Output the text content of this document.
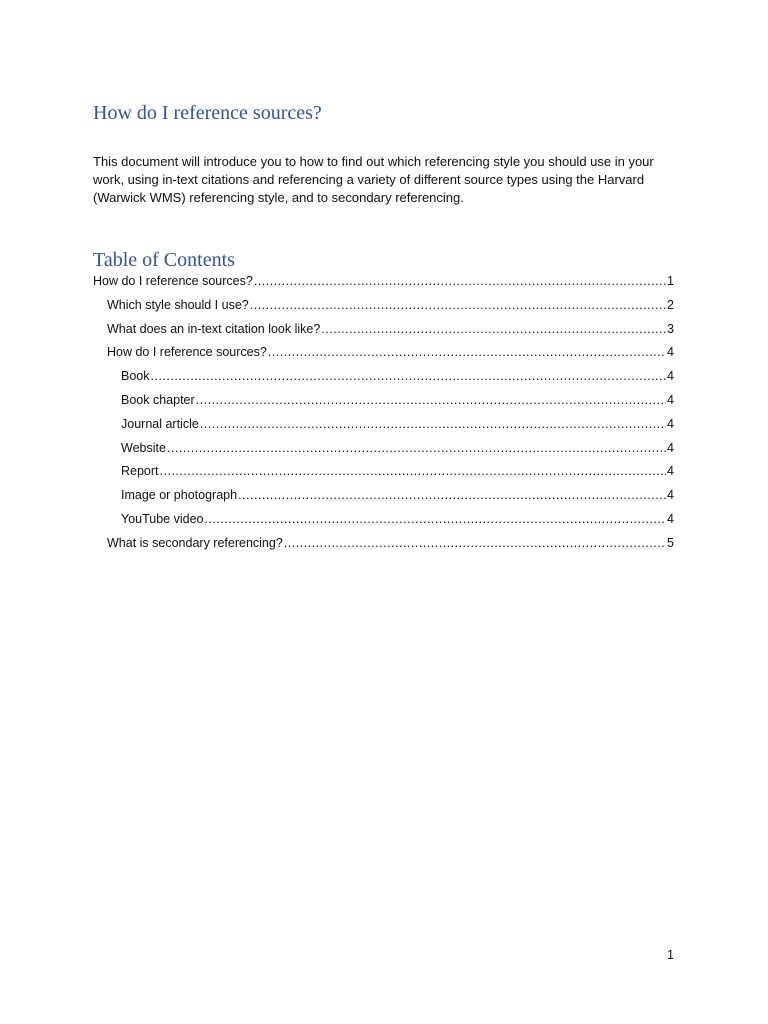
How do I reference sources?

This document will introduce you to how to find out which referencing style you should use in your
work, using in-text citations and referencing a variety of different source types using the Harvard
(Warwick WMS) referencing style, and to secondary referencing.

Table of Contents
How do I reference sources? .....	1
Which style should I use? .....	2
What does an in-text citation look like? .....	3
How do I reference sources? .....	4
Book .....	4
Book chapter .....	4
Journal article .....	4
Website .....	4
Report .....	4
Image or photograph .....	4
YouTube video .....	4
What is secondary referencing? .....	5
1
